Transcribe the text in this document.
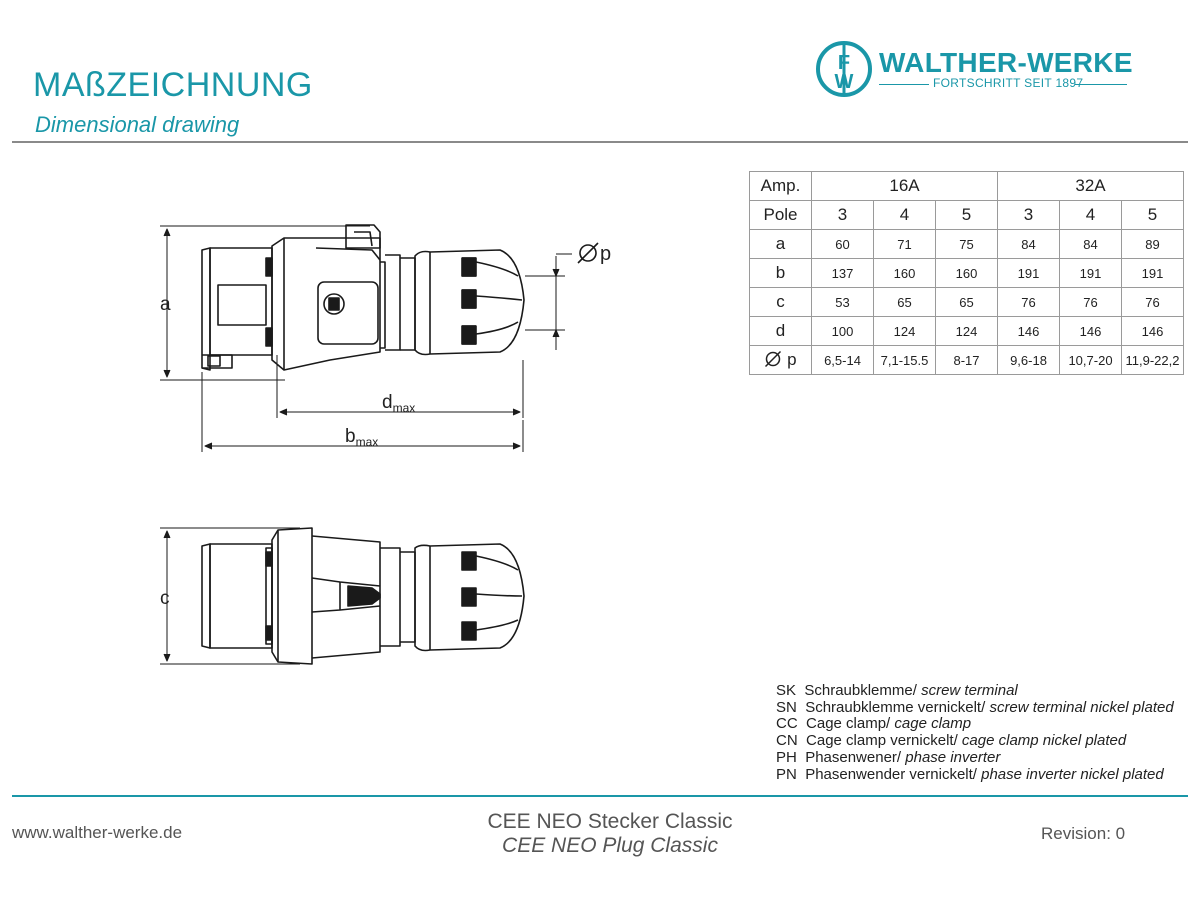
MAßZEICHNUNG
Dimensional drawing
F
W
WALTHER-WERKE
FORTSCHRITT SEIT 1897
a
p
$d_{max}$
$b_{max}$
c
Amp.	16A			32A		
Pole	3	4	5	3	4	5
a	60	71	75	84	84	89
b	137	160	160	191	191	191
c	53	65	65	76	76	76
d	100	124	124	146	146	146
p	6,5-14	7,1-15.5	8-17	9,6-18	10,7-20	11,9-22,2
SK Schraubklemme/ screw terminal
SN Schraubklemme vernickelt/ screw terminal nickel plated
CC Cage clamp/ cage clamp
CN Cage clamp vernickelt/ cage clamp nickel plated
PH Phasenwener/ phase inverter
PN Phasenwender vernickelt/ phase inverter nickel plated
www.walther-werke.de	CEE NEO Stecker Classic
CEE NEO Plug Classic
Revision: 0
